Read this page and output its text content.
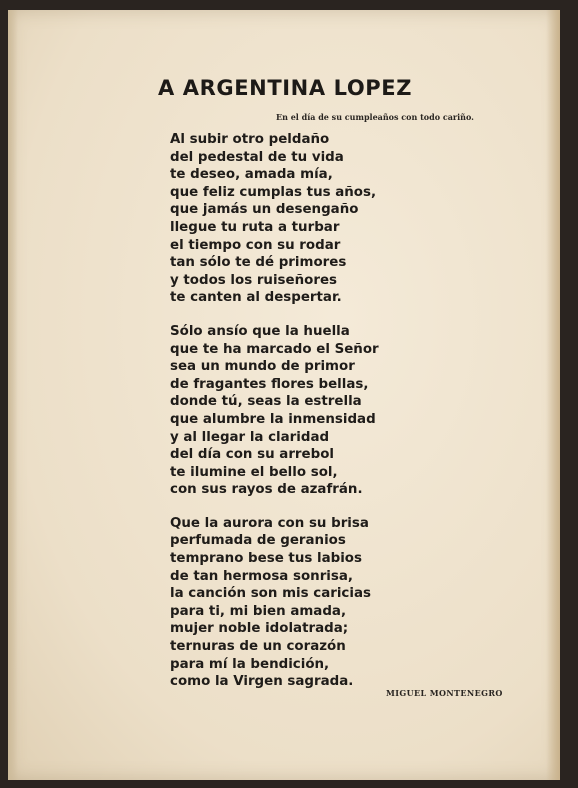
A ARGENTINA LOPEZ
En el día de su cumpleaños con todo cariño.
Al subir otro peldaño
del pedestal de tu vida
te deseo, amada mía,
que feliz cumplas tus años,
que jamás un desengaño
llegue tu ruta a turbar
el tiempo con su rodar
tan sólo te dé primores
y todos los ruiseñores
te canten al despertar.
Sólo ansío que la huella
que te ha marcado el Señor
sea un mundo de primor
de fragantes flores bellas,
donde tú, seas la estrella
que alumbre la inmensidad
y al llegar la claridad
del día con su arrebol
te ilumine el bello sol,
con sus rayos de azafrán.
Que la aurora con su brisa
perfumada de geranios
temprano bese tus labios
de tan hermosa sonrisa,
la canción son mis caricias
para ti, mi bien amada,
mujer noble idolatrada;
ternuras de un corazón
para mí la bendición,
como la Virgen sagrada.
MIGUEL MONTENEGRO
